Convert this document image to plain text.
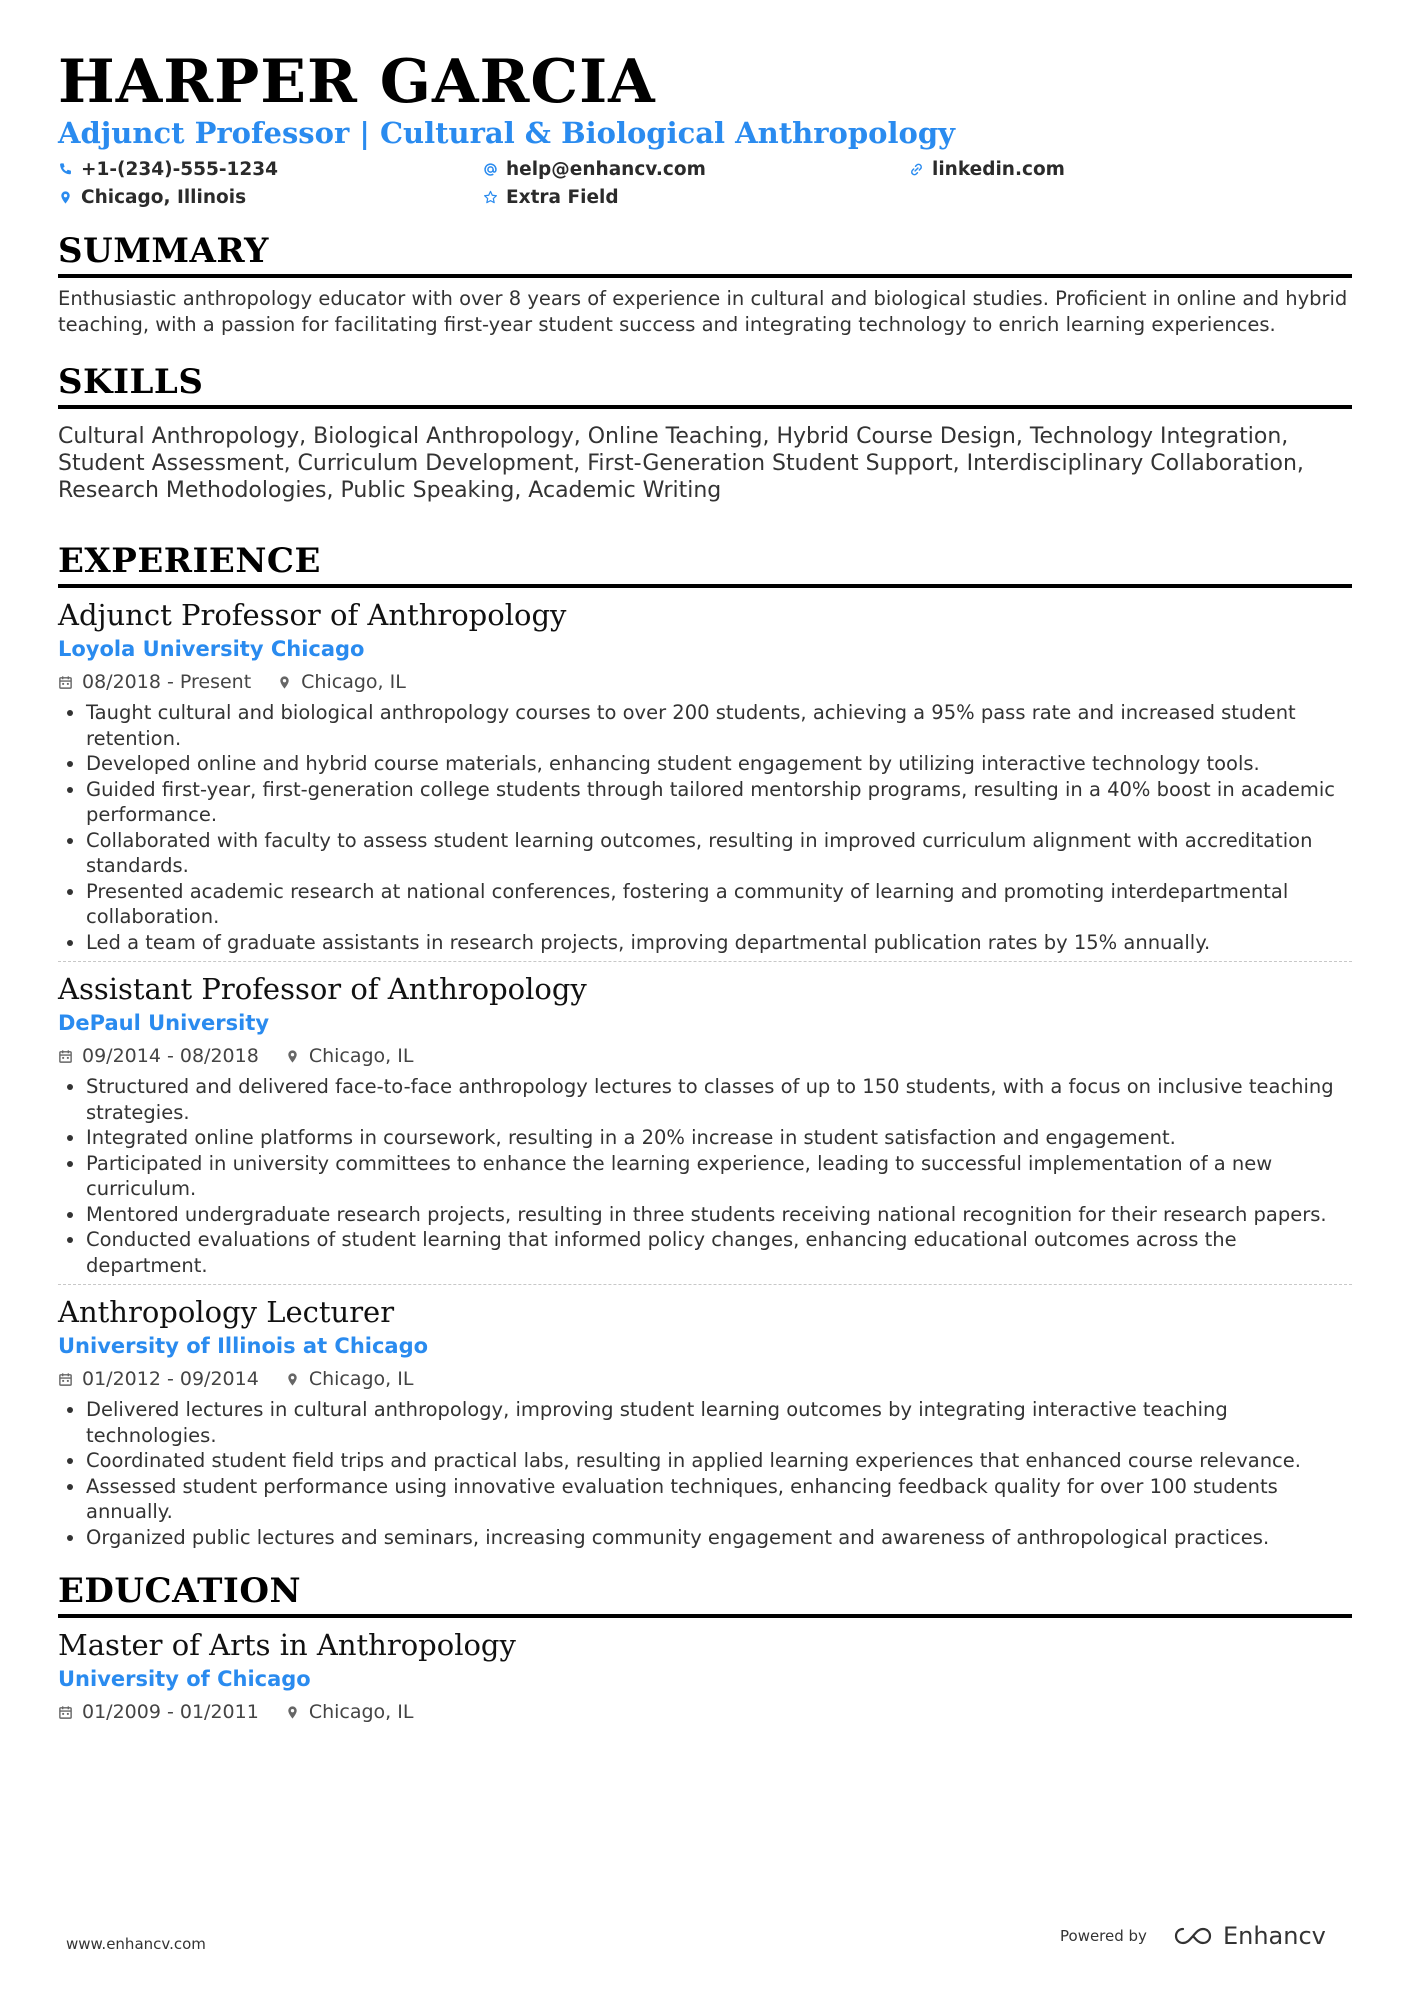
HARPER GARCIA
Adjunct Professor | Cultural & Biological Anthropology
+1-(234)-555-1234	help@enhancv.com	linkedin.com
Chicago, Illinois	Extra Field
SUMMARY
Enthusiastic anthropology educator with over 8 years of experience in cultural and biological studies. Proficient in online and hybrid teaching, with a passion for facilitating first-year student success and integrating technology to enrich learning experiences.
SKILLS
Cultural Anthropology, Biological Anthropology, Online Teaching, Hybrid Course Design, Technology Integration, Student Assessment, Curriculum Development, First-Generation Student Support, Interdisciplinary Collaboration, Research Methodologies, Public Speaking, Academic Writing
EXPERIENCE
Adjunct Professor of Anthropology
Loyola University Chicago
08/2018 - Present	Chicago, IL
• Taught cultural and biological anthropology courses to over 200 students, achieving a 95% pass rate and increased student retention.
• Developed online and hybrid course materials, enhancing student engagement by utilizing interactive technology tools.
• Guided first-year, first-generation college students through tailored mentorship programs, resulting in a 40% boost in academic performance.
• Collaborated with faculty to assess student learning outcomes, resulting in improved curriculum alignment with accreditation standards.
• Presented academic research at national conferences, fostering a community of learning and promoting interdepartmental collaboration.
• Led a team of graduate assistants in research projects, improving departmental publication rates by 15% annually.
Assistant Professor of Anthropology
DePaul University
09/2014 - 08/2018	Chicago, IL
• Structured and delivered face-to-face anthropology lectures to classes of up to 150 students, with a focus on inclusive teaching strategies.
• Integrated online platforms in coursework, resulting in a 20% increase in student satisfaction and engagement.
• Participated in university committees to enhance the learning experience, leading to successful implementation of a new curriculum.
• Mentored undergraduate research projects, resulting in three students receiving national recognition for their research papers.
• Conducted evaluations of student learning that informed policy changes, enhancing educational outcomes across the department.
Anthropology Lecturer
University of Illinois at Chicago
01/2012 - 09/2014	Chicago, IL
• Delivered lectures in cultural anthropology, improving student learning outcomes by integrating interactive teaching technologies.
• Coordinated student field trips and practical labs, resulting in applied learning experiences that enhanced course relevance.
• Assessed student performance using innovative evaluation techniques, enhancing feedback quality for over 100 students annually.
• Organized public lectures and seminars, increasing community engagement and awareness of anthropological practices.
EDUCATION
Master of Arts in Anthropology
University of Chicago
01/2009 - 01/2011	Chicago, IL
www.enhancv.com	Powered by	Enhancv
